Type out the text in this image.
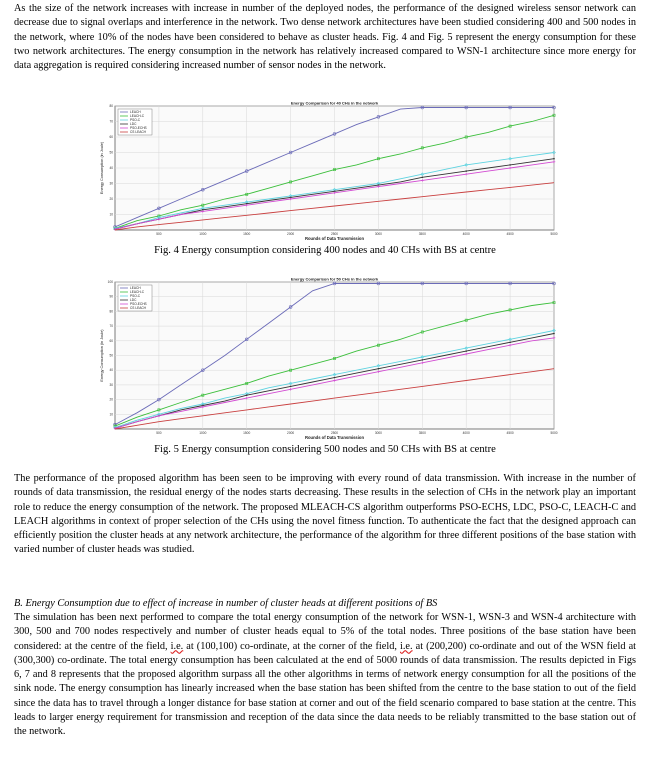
As the size of the network increases with increase in number of the deployed nodes, the performance of the designed wireless sensor network can decrease due to signal overlaps and interference in the network. Two dense network architectures have been studied considering 400 and 500 nodes in the network, where 10% of the nodes have been considered to behave as cluster heads. Fig. 4 and Fig. 5 represent the energy consumption for these two network architectures. The energy consumption in the network has relatively increased compared to WSN-1 architecture since more energy for data aggregation is required considering increased number of sensor nodes in the network.

500	1000	1500	2000	2500	3000	3500	4000	4500	5000
10
20
30
40
50
60
70
80
Energy Comparison for 40 CHs in the network
Rounds of Data Transmission
Energy Consumption (in Joule)
LEACH
LEACH-C
PSO-C
LDC
PSO-ECHS
CS LEACH
Fig. 4 Energy consumption considering 400 nodes and 40 CHs with BS at centre
500	1000	1500	2000	2500	3000	3500	4000	4500	5000
10
20
30
40
50
60
70
80
90
100
Energy Comparison for 50 CHs in the network
Rounds of Data Transmission
Energy Consumption (in Joule)
LEACH
LEACH-C
PSO-C
LDC
PSO-ECHS
CS LEACH
Fig. 5 Energy consumption considering 500 nodes and 50 CHs with BS at centre

The performance of the proposed algorithm has been seen to be improving with every round of data transmission. With increase in the number of rounds of data transmission, the residual energy of the nodes starts decreasing. These results in the selection of CHs in the network play an important role to reduce the energy consumption of the network. The proposed MLEACH-CS algorithm outperforms PSO-ECHS, LDC, PSO-C, LEACH-C and LEACH algorithms in context of proper selection of the CHs using the novel fitness function. To authenticate the fact that the designed approach can efficiently position the cluster heads at any network architecture, the performance of the algorithm for three different positions of the base station with varied number of cluster heads was studied.

B. Energy Consumption due to effect of increase in number of cluster heads at different positions of BS

The simulation has been next performed to compare the total energy consumption of the network for WSN-1, WSN-3 and WSN-4 architecture with 300, 500 and 700 nodes respectively and number of cluster heads equal to 5% of the total nodes. Three positions of the base station have been considered: at the centre of the field, i.e. at (100,100) co-ordinate, at the corner of the field, i.e. at (200,200) co-ordinate and out of the WSN field at (300,300) co-ordinate. The total energy consumption has been calculated at the end of 5000 rounds of data transmission. The results depicted in Figs 6, 7 and 8 represents that the proposed algorithm surpass all the other algorithms in terms of network energy consumption for all the positions of the sink node. The energy consumption has linearly increased when the base station has been shifted from the centre to the base station to out of the field since the data has to travel through a longer distance for base station at corner and out of the field scenario compared to base station at the centre. This leads to larger energy requirement for transmission and reception of the data since the data needs to be reliably transmitted to the base station out of the network.
